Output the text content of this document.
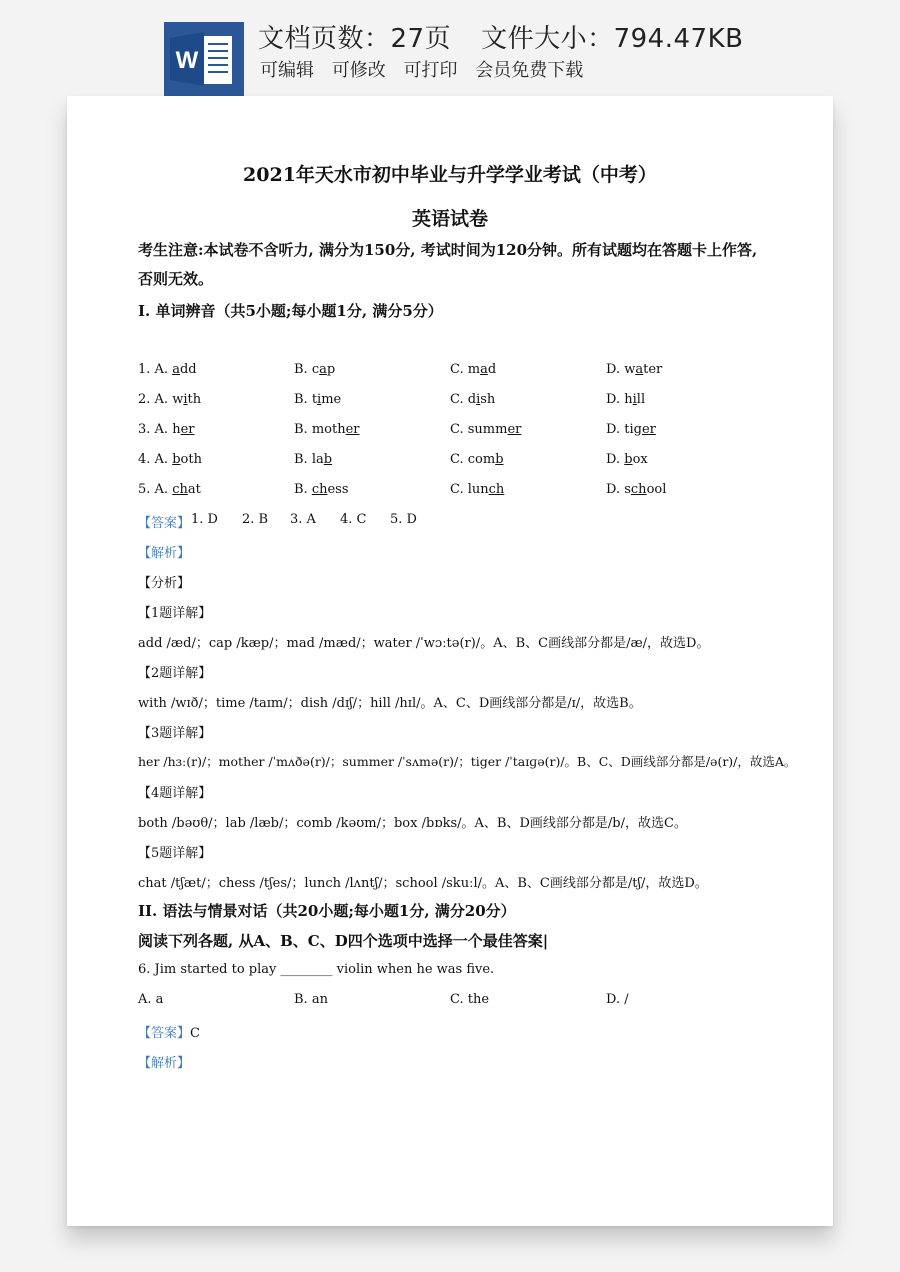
W
文档页数：27页 文件大小：794.47KB
可编辑 可修改 可打印 会员免费下载
2021年天水市初中毕业与升学学业考试（中考）
英语试卷
考生注意:本试卷不含听力, 满分为150分, 考试时间为120分钟。所有试题均在答题卡上作答, 否则无效。
I. 单词辨音（共5小题;每小题1分, 满分5分）
1. A. add	B. cap	C. mad	D. water
2. A. with	B. time	C. dish	D. hill
3. A. her	B. mother	C. summer	D. tiger
4. A. both	B. lab	C. comb	D. box
5. A. chat	B. chess	C. lunch	D. school
【答案】 1. D 2. B 3. A 4. C 5. D
【解析】
【分析】
【1题详解】
add /æd/；cap /kæp/；mad /mæd/；water /ˈwɔːtə(r)/。A、B、C画线部分都是/æ/，故选D。
【2题详解】
with /wɪð/；time /taɪm/；dish /dɪʃ/；hill /hɪl/。A、C、D画线部分都是/ɪ/，故选B。
【3题详解】
her /hɜː(r)/；mother /ˈmʌðə(r)/；summer /ˈsʌmə(r)/；tiger /ˈtaɪɡə(r)/。B、C、D画线部分都是/ə(r)/，故选A。
【4题详解】
both /bəʊθ/；lab /læb/；comb /kəʊm/；box /bɒks/。A、B、D画线部分都是/b/，故选C。
【5题详解】
chat /tʃæt/；chess /tʃes/；lunch /lʌntʃ/；school /skuːl/。A、B、C画线部分都是/tʃ/，故选D。
II. 语法与情景对话（共20小题;每小题1分, 满分20分）
阅读下列各题, 从A、B、C、D四个选项中选择一个最佳答案|
6. Jim started to play ________ violin when he was five.
A. a	B. an	C. the	D. /
【答案】C
【解析】
